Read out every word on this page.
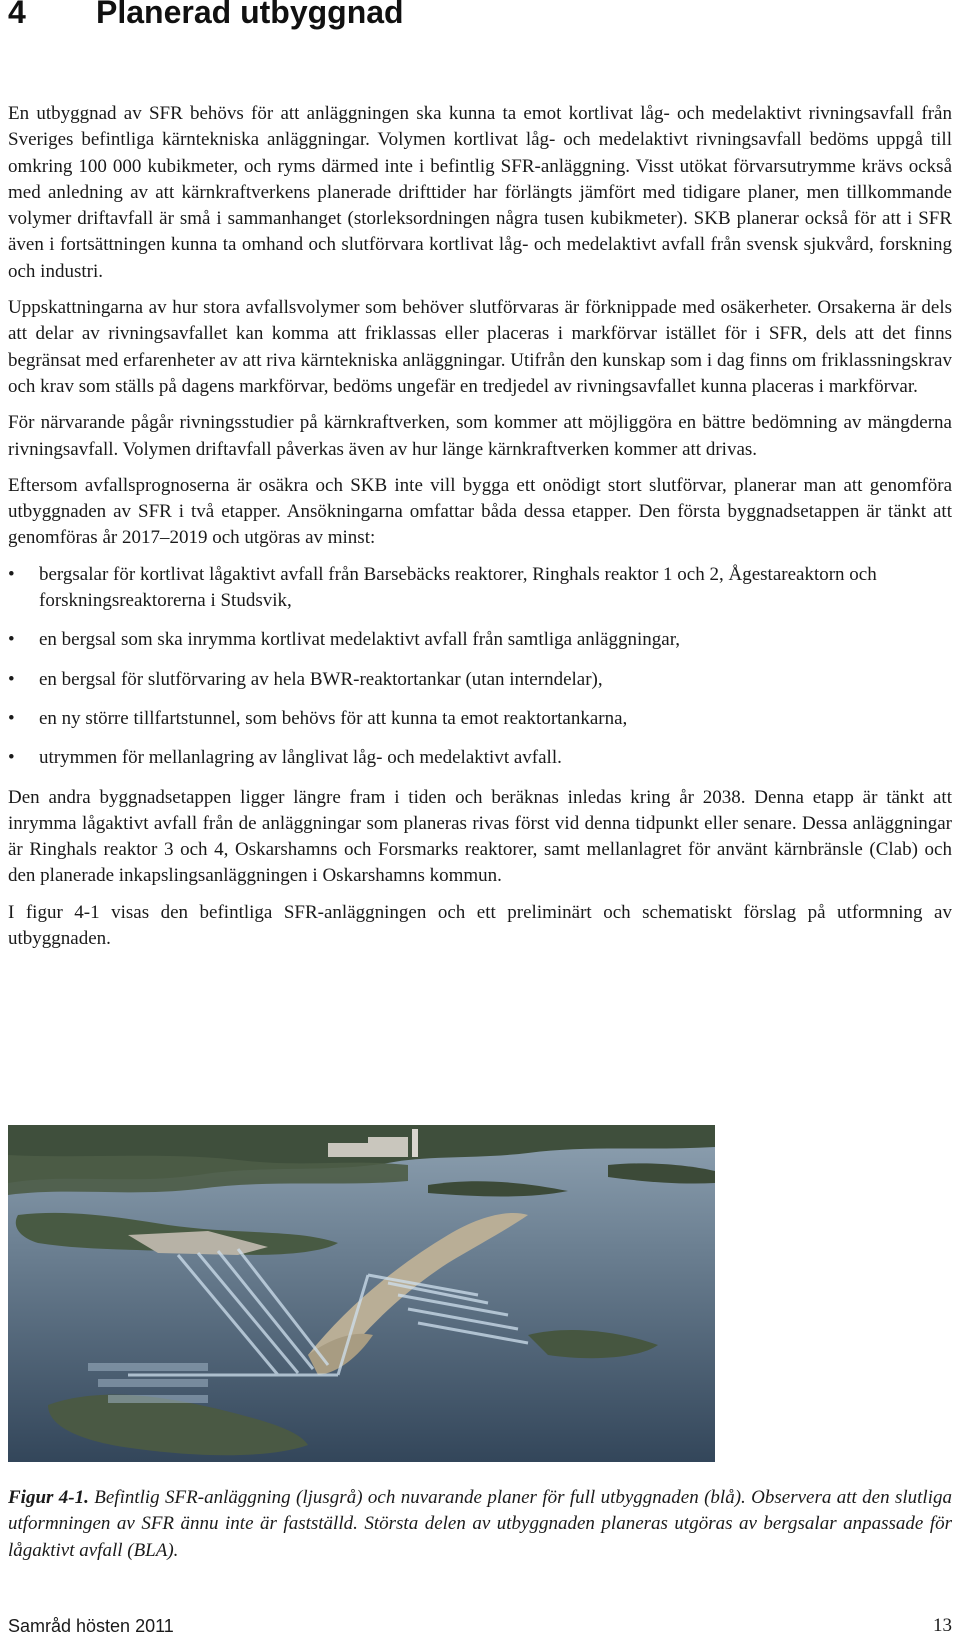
4 Planerad utbyggnad

En utbyggnad av SFR behövs för att anläggningen ska kunna ta emot kortlivat låg- och medelaktivt rivningsavfall från Sveriges befintliga kärntekniska anläggningar. Volymen kortlivat låg- och medelaktivt rivningsavfall bedöms uppgå till omkring 100 000 kubikmeter, och ryms därmed inte i befintlig SFR-anläggning. Visst utökat förvarsutrymme krävs också med anledning av att kärnkraftverkens planerade drifttider har förlängts jämfört med tidigare planer, men tillkommande volymer driftavfall är små i sammanhanget (storleksordningen några tusen kubikmeter). SKB planerar också för att i SFR även i fortsättningen kunna ta omhand och slutförvara kortlivat låg- och medelaktivt avfall från svensk sjukvård, forskning och industri.

Uppskattningarna av hur stora avfallsvolymer som behöver slutförvaras är förknippade med osäkerheter. Orsakerna är dels att delar av rivningsavfallet kan komma att friklassas eller placeras i markförvar istället för i SFR, dels att det finns begränsat med erfarenheter av att riva kärntekniska anläggningar. Utifrån den kunskap som i dag finns om friklassningskrav och krav som ställs på dagens markförvar, bedöms ungefär en tredjedel av rivningsavfallet kunna placeras i markförvar.

För närvarande pågår rivningsstudier på kärnkraftverken, som kommer att möjliggöra en bättre bedömning av mängderna rivningsavfall. Volymen driftavfall påverkas även av hur länge kärnkraftverken kommer att drivas.

Eftersom avfallsprognoserna är osäkra och SKB inte vill bygga ett onödigt stort slutförvar, planerar man att genomföra utbyggnaden av SFR i två etapper. Ansökningarna omfattar båda dessa etapper. Den första byggnadsetappen är tänkt att genomföras år 2017–2019 och utgöras av minst:

• bergsalar för kortlivat lågaktivt avfall från Barsebäcks reaktorer, Ringhals reaktor 1 och 2, Ågestareaktorn och forskningsreaktorerna i Studsvik,
• en bergsal som ska inrymma kortlivat medelaktivt avfall från samtliga anläggningar,
• en bergsal för slutförvaring av hela BWR-reaktortankar (utan interndelar),
• en ny större tillfartstunnel, som behövs för att kunna ta emot reaktortankarna,
• utrymmen för mellanlagring av långlivat låg- och medelaktivt avfall.

Den andra byggnadsetappen ligger längre fram i tiden och beräknas inledas kring år 2038. Denna etapp är tänkt att inrymma lågaktivt avfall från de anläggningar som planeras rivas först vid denna tidpunkt eller senare. Dessa anläggningar är Ringhals reaktor 3 och 4, Oskarshamns och Forsmarks reaktorer, samt mellanlagret för använt kärnbränsle (Clab) och den planerade inkapslingsanläggningen i Oskarshamns kommun.

I figur 4-1 visas den befintliga SFR-anläggningen och ett preliminärt och schematiskt förslag på utformning av utbyggnaden.

Figur 4-1. Befintlig SFR-anläggning (ljusgrå) och nuvarande planer för full utbyggnaden (blå). Observera att den slutliga utformningen av SFR ännu inte är fastställd. Största delen av utbyggnaden planeras utgöras av bergsalar anpassade för lågaktivt avfall (BLA).
Samråd hösten 2011	13
